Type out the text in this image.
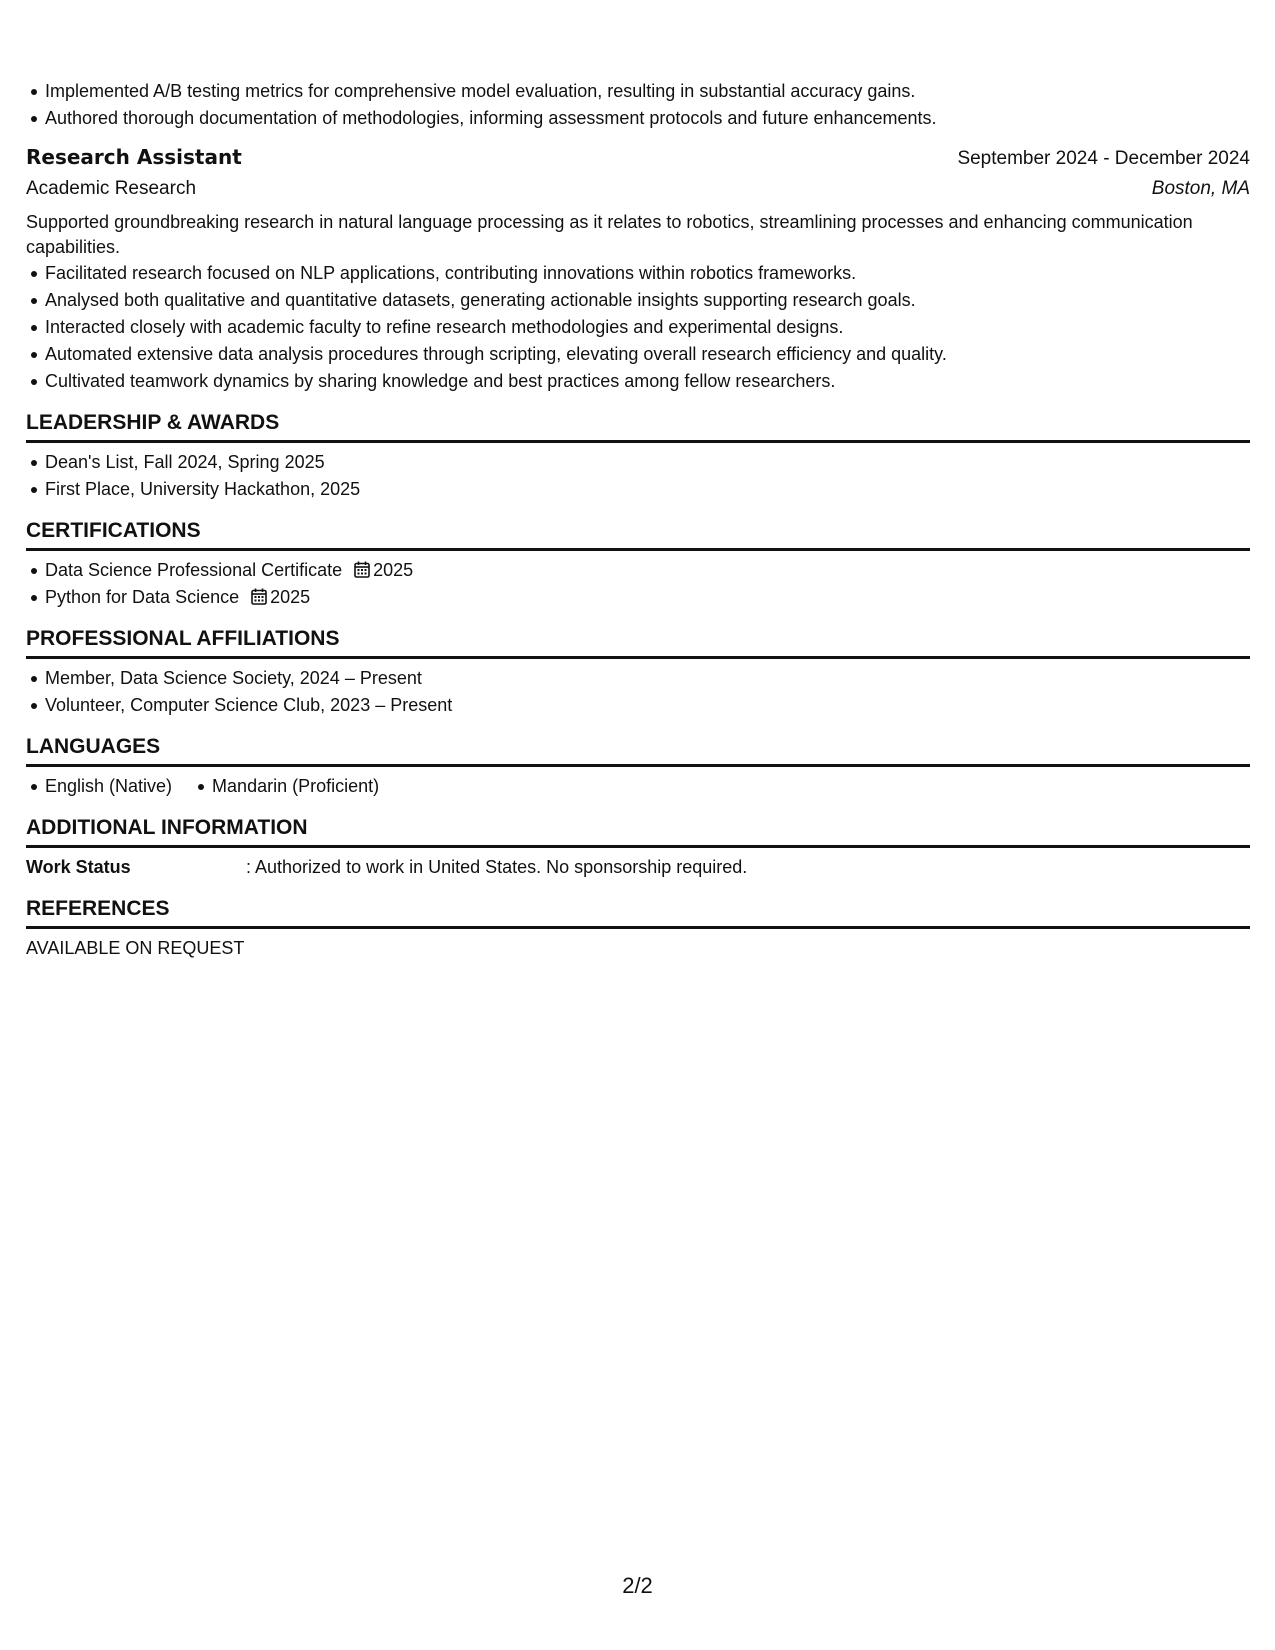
Implemented A/B testing metrics for comprehensive model evaluation, resulting in substantial accuracy gains.
Authored thorough documentation of methodologies, informing assessment protocols and future enhancements.
Research Assistant	September 2024 - December 2024
Academic Research	Boston, MA

Supported groundbreaking research in natural language processing as it relates to robotics, streamlining processes and enhancing communication capabilities.

Facilitated research focused on NLP applications, contributing innovations within robotics frameworks.
Analysed both qualitative and quantitative datasets, generating actionable insights supporting research goals.
Interacted closely with academic faculty to refine research methodologies and experimental designs.
Automated extensive data analysis procedures through scripting, elevating overall research efficiency and quality.
Cultivated teamwork dynamics by sharing knowledge and best practices among fellow researchers.
LEADERSHIP & AWARDS
Dean's List, Fall 2024, Spring 2025
First Place, University Hackathon, 2025
CERTIFICATIONS
Data Science Professional Certificate 2025
Python for Data Science 2025
PROFESSIONAL AFFILIATIONS
Member, Data Science Society, 2024 – Present
Volunteer, Computer Science Club, 2023 – Present
LANGUAGES
English (Native) Mandarin (Proficient)
ADDITIONAL INFORMATION
Work Status	: Authorized to work in United States. No sponsorship required.
REFERENCES
AVAILABLE ON REQUEST
2/2
